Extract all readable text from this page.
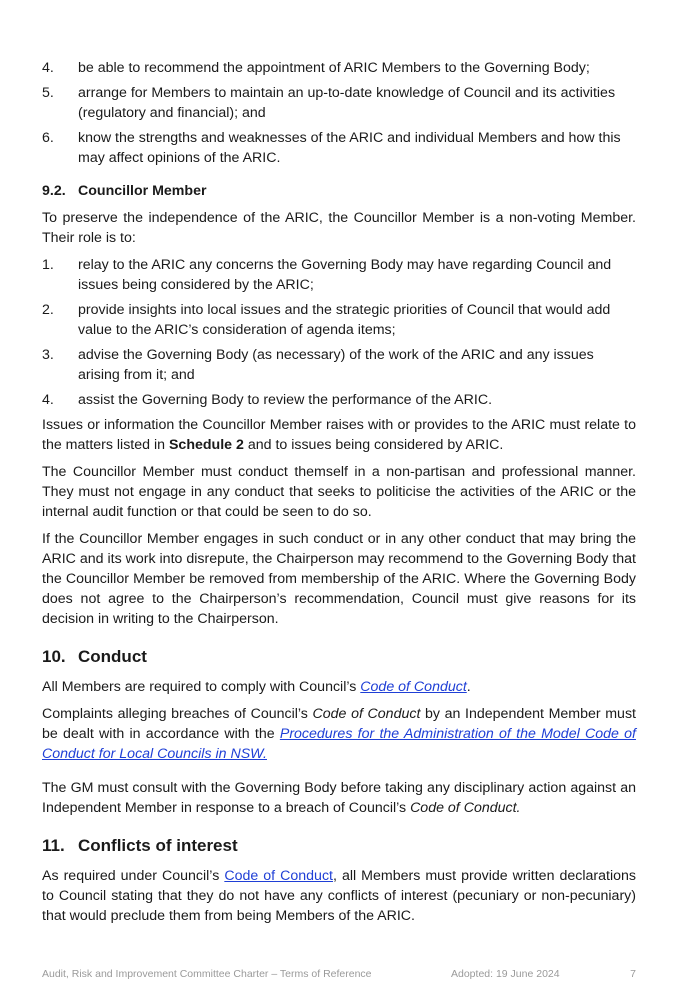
4.	be able to recommend the appointment of ARIC Members to the Governing Body;
5.	arrange for Members to maintain an up-to-date knowledge of Council and its activities (regulatory and financial); and
6.	know the strengths and weaknesses of the ARIC and individual Members and how this may affect opinions of the ARIC.
9.2. Councillor Member

To preserve the independence of the ARIC, the Councillor Member is a non-voting Member. Their role is to:

1.	relay to the ARIC any concerns the Governing Body may have regarding Council and issues being considered by the ARIC;
2.	provide insights into local issues and the strategic priorities of Council that would add value to the ARIC’s consideration of agenda items;
3.	advise the Governing Body (as necessary) of the work of the ARIC and any issues arising from it; and
4.	assist the Governing Body to review the performance of the ARIC.

Issues or information the Councillor Member raises with or provides to the ARIC must relate to the matters listed in Schedule 2 and to issues being considered by ARIC.

The Councillor Member must conduct themself in a non-partisan and professional manner. They must not engage in any conduct that seeks to politicise the activities of the ARIC or the internal audit function or that could be seen to do so.

If the Councillor Member engages in such conduct or in any other conduct that may bring the ARIC and its work into disrepute, the Chairperson may recommend to the Governing Body that the Councillor Member be removed from membership of the ARIC. Where the Governing Body does not agree to the Chairperson’s recommendation, Council must give reasons for its decision in writing to the Chairperson.

10. Conduct

All Members are required to comply with Council’s Code of Conduct.

Complaints alleging breaches of Council’s Code of Conduct by an Independent Member must be dealt with in accordance with the Procedures for the Administration of the Model Code of Conduct for Local Councils in NSW.

The GM must consult with the Governing Body before taking any disciplinary action against an Independent Member in response to a breach of Council’s Code of Conduct.

11. Conflicts of interest

As required under Council’s Code of Conduct, all Members must provide written declarations to Council stating that they do not have any conflicts of interest (pecuniary or non-pecuniary) that would preclude them from being Members of the ARIC.

Audit, Risk and Improvement Committee Charter – Terms of Reference	Adopted: 19 June 2024	7
